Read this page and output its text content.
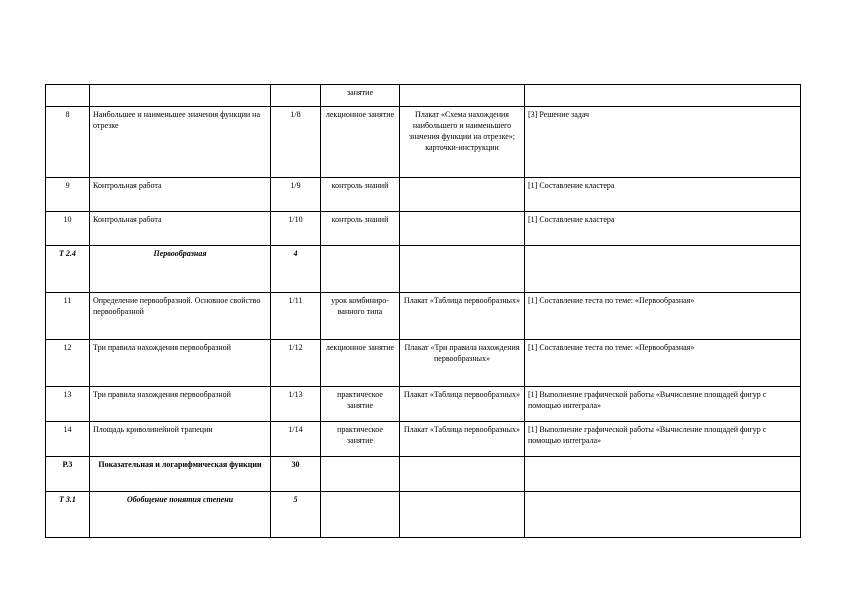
			занятие		
8	Наибольшее и наименьшее значения функции на отрезке	1/8	лекционное занятие	Плакат «Схема нахождения наибольшего и наименьшего значения функции на отрезке»; карточки-инструкции	[3] Решение задач
9	Контрольная работа	1/9	контроль знаний		[1] Составление кластера
10	Контрольная работа	1/10	контроль знаний		[1] Составление кластера
Т 2.4	Первообразная	4			
11	Определение первообразной. Основное свойство первообразной	1/11	урок комбиниро-ванного типа	Плакат «Таблица первообразных»	[1] Составление теста по теме: «Первообразная»
12	Три правила нахождения первообразной	1/12	лекционное занятие	Плакат «Три правила нахождения первообразных»	[1] Составление теста по теме: «Первообразная»
13	Три правила нахождения первообразной	1/13	практическое занятие	Плакат «Таблица первообразных»	[1] Выполнение графической работы «Вычисление площадей фигур с помощью интеграла»
14	Площадь криволинейной трапеции	1/14	практическое занятие	Плакат «Таблица первообразных»	[1] Выполнение графической работы «Вычисление площадей фигур с помощью интеграла»
Р.3	Показательная и логарифмическая функции	30			
Т 3.1	Обобщение понятия степени	5			
